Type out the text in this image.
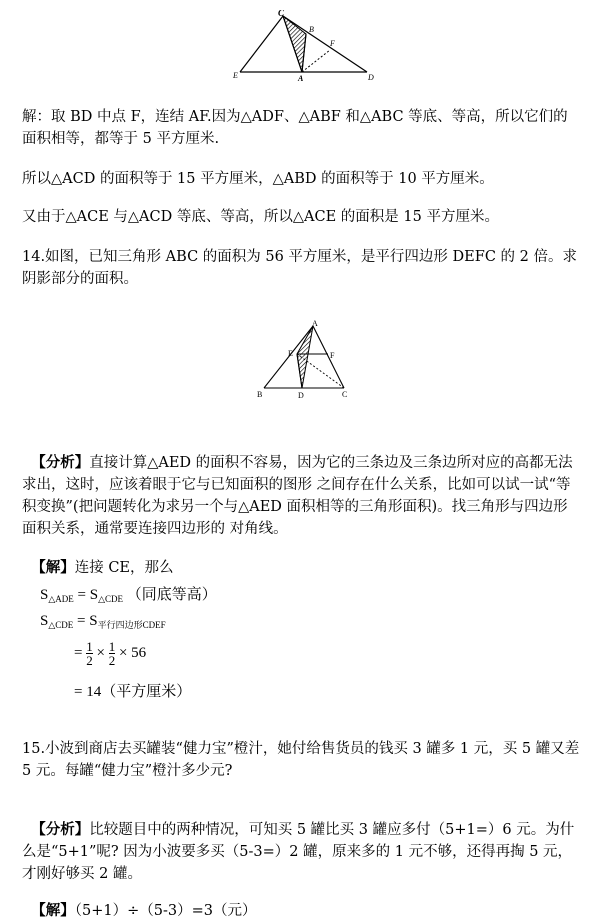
C
B
F
E	A	D
解：取 BD 中点 F，连结 AF.因为△ADF、△ABF 和△ABC 等底、等高，所以它们的面积相等，都等于 5 平方厘米.
所以△ACD 的面积等于 15 平方厘米，△ABD 的面积等于 10 平方厘米。
又由于△ACE 与△ACD 等底、等高，所以△ACE 的面积是 15 平方厘米。
14.如图，已知三角形 ABC 的面积为 56 平方厘米，是平行四边形 DEFC 的 2 倍。求阴影部分的面积。
A
E	F
B	D	C

【分析】直接计算△AED 的面积不容易，因为它的三条边及三条边所对应的高都无法求出，这时，应该着眼于它与已知面积的图形 之间存在什么关系，比如可以试一试“等积变换”(把问题转化为求另一个与△AED 面积相等的三角形面积)。找三角形与四边形面积关系，通常要连接四边形的 对角线。

【解】连接 CE，那么

$S_{\triangle ADE} = S_{\triangle CDE}$ （同底等高）
$S_{\triangle CDE} = S_{平行四边形CDEF}$
= $\frac{1}{2} \times \frac{1}{2} \times 56$
= 14（平方厘米）
15.小波到商店去买罐装“健力宝”橙汁，她付给售货员的钱买 3 罐多 1 元，买 5 罐又差 5 元。每罐“健力宝”橙汁多少元?

【分析】比较题目中的两种情况，可知买 5 罐比买 3 罐应多付（5+1=）6 元。为什么是“5+1”呢? 因为小波要多买（5-3=）2 罐，原来多的 1 元不够，还得再掏 5 元，才刚好够买 2 罐。

【解】（5+1）÷（5-3）=3（元）
